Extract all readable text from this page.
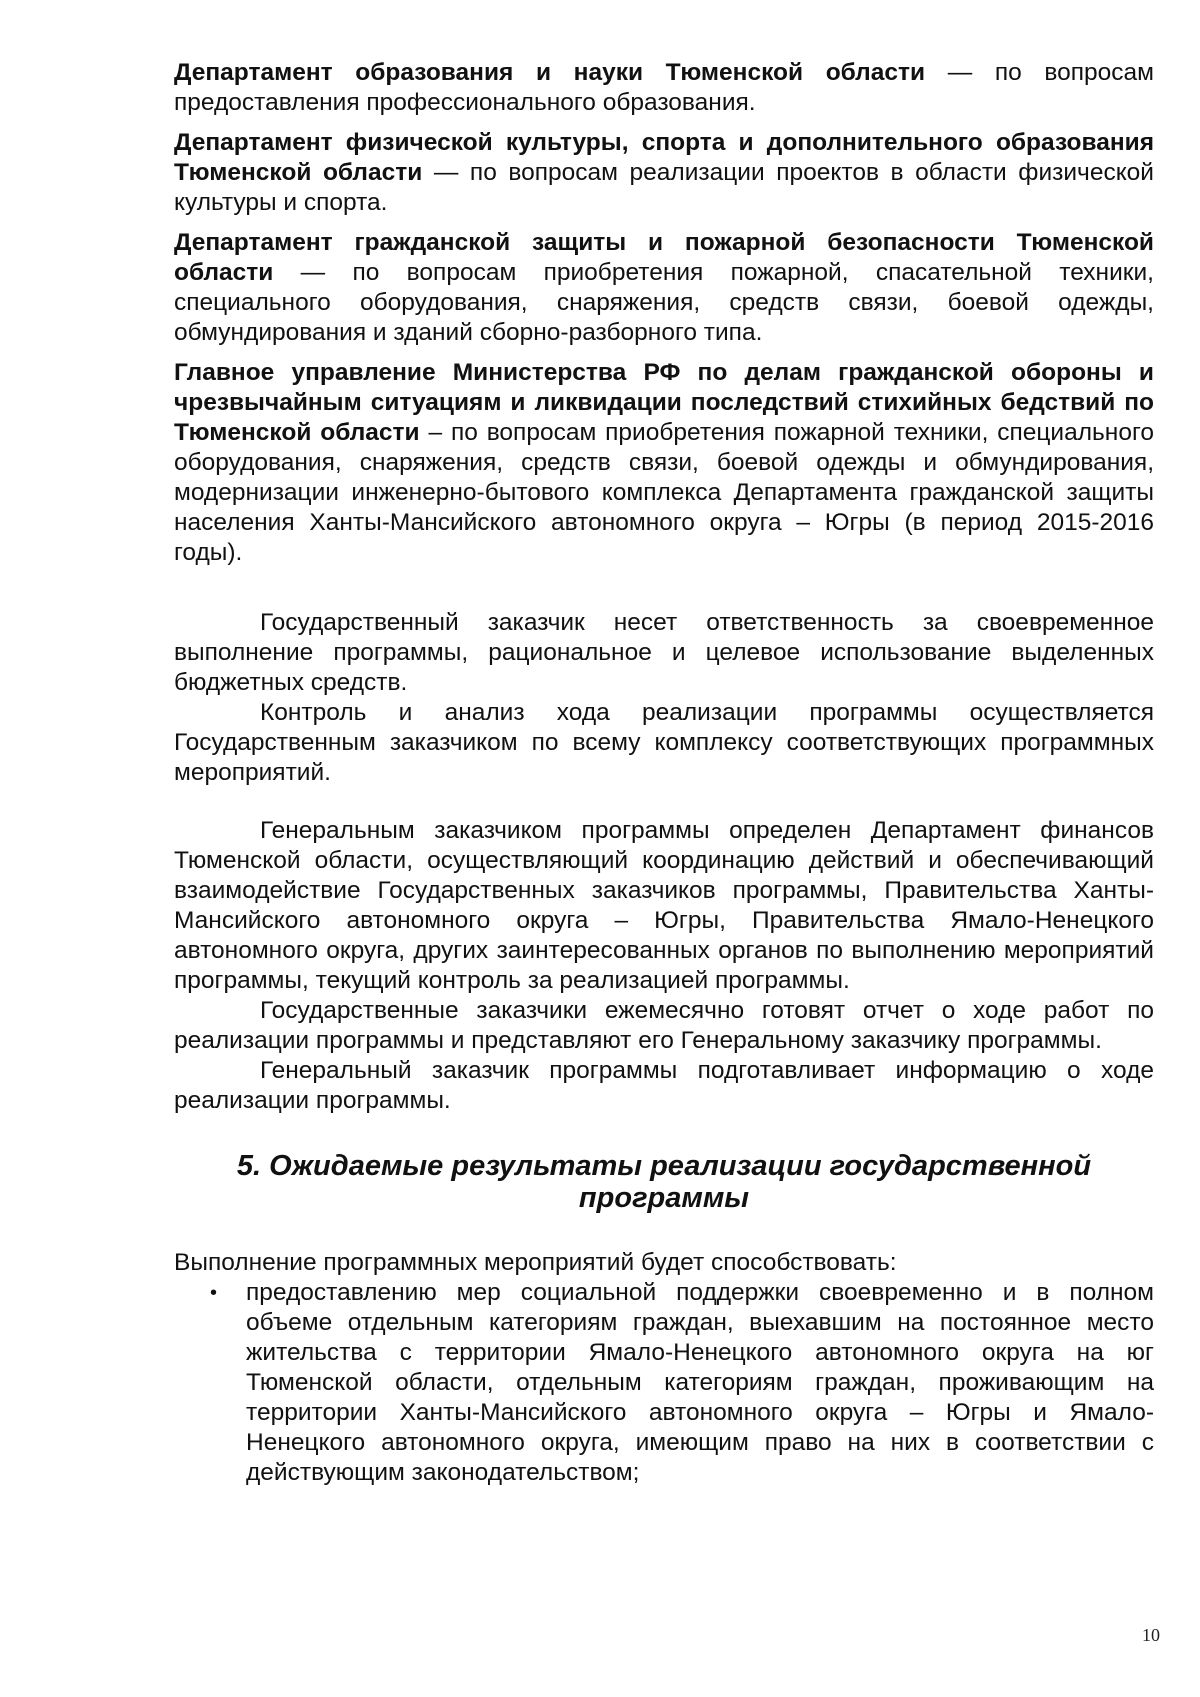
Департамент образования и науки Тюменской области — по вопросам предоставления профессионального образования.

Департамент физической культуры, спорта и дополнительного образования Тюменской области — по вопросам реализации проектов в области физической культуры и спорта.

Департамент гражданской защиты и пожарной безопасности Тюменской области — по вопросам приобретения пожарной, спасательной техники, специального оборудования, снаряжения, средств связи, боевой одежды, обмундирования и зданий сборно-разборного типа.

Главное управление Министерства РФ по делам гражданской обороны и чрезвычайным ситуациям и ликвидации последствий стихийных бедствий по Тюменской области – по вопросам приобретения пожарной техники, специального оборудования, снаряжения, средств связи, боевой одежды и обмундирования, модернизации инженерно-бытового комплекса Департамента гражданской защиты населения Ханты-Мансийского автономного округа – Югры (в период 2015-2016 годы).

Государственный заказчик несет ответственность за своевременное выполнение программы, рациональное и целевое использование выделенных бюджетных средств.

Контроль и анализ хода реализации программы осуществляется Государственным заказчиком по всему комплексу соответствующих программных мероприятий.

Генеральным заказчиком программы определен Департамент финансов Тюменской области, осуществляющий координацию действий и обеспечивающий взаимодействие Государственных заказчиков программы, Правительства Ханты-Мансийского автономного округа – Югры, Правительства Ямало-Ненецкого автономного округа, других заинтересованных органов по выполнению мероприятий программы, текущий контроль за реализацией программы.

Государственные заказчики ежемесячно готовят отчет о ходе работ по реализации программы и представляют его Генеральному заказчику программы.

Генеральный заказчик программы подготавливает информацию о ходе реализации программы.

5. Ожидаемые результаты реализации государственной программы

Выполнение программных мероприятий будет способствовать:

• предоставлению мер социальной поддержки своевременно и в полном объеме отдельным категориям граждан, выехавшим на постоянное место жительства с территории Ямало-Ненецкого автономного округа на юг Тюменской области, отдельным категориям граждан, проживающим на территории Ханты-Мансийского автономного округа – Югры и Ямало-Ненецкого автономного округа, имеющим право на них в соответствии с действующим законодательством;
10
